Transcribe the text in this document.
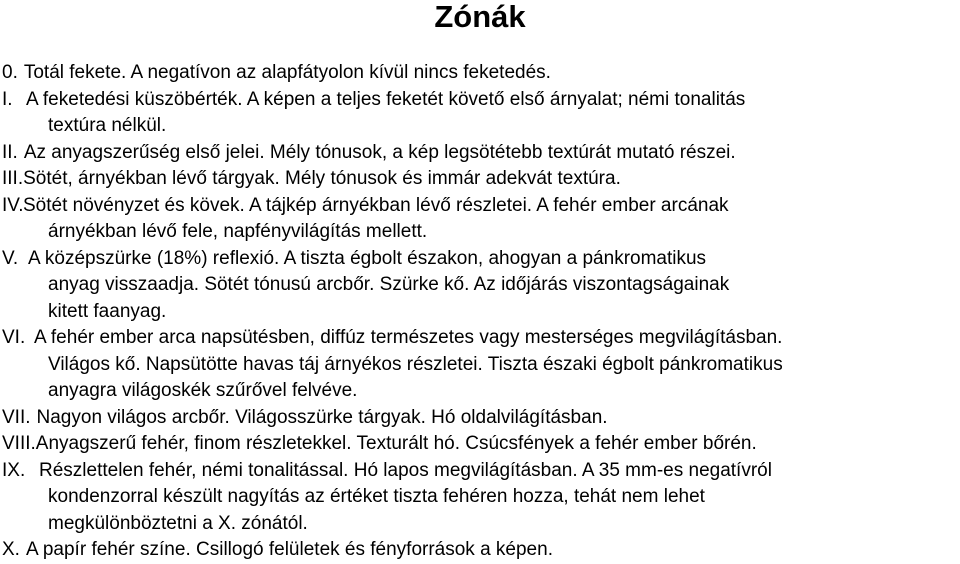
Zónák
0. Totál fekete. A negatívon az alapfátyolon kívül nincs feketedés.
I. A feketedési küszöbérték. A képen a teljes feketét követő első árnyalat; némi tonalitás
textúra nélkül.
II. Az anyagszerűség első jelei. Mély tónusok, a kép legsötétebb textúrát mutató részei.
III. Sötét, árnyékban lévő tárgyak. Mély tónusok és immár adekvát textúra.
IV. Sötét növényzet és kövek. A tájkép árnyékban lévő részletei. A fehér ember arcának
árnyékban lévő fele, napfényvilágítás mellett.
V. A középszürke (18%) reflexió. A tiszta égbolt északon, ahogyan a pánkromatikus
anyag visszaadja. Sötét tónusú arcbőr. Szürke kő. Az időjárás viszontagságainak
kitett faanyag.
VI. A fehér ember arca napsütésben, diffúz természetes vagy mesterséges megvilágításban.
Világos kő. Napsütötte havas táj árnyékos részletei. Tiszta északi égbolt pánkromatikus
anyagra világoskék szűrővel felvéve.
VII. Nagyon világos arcbőr. Világosszürke tárgyak. Hó oldalvilágításban.
VIII. Anyagszerű fehér, finom részletekkel. Texturált hó. Csúcsfények a fehér ember bőrén.
IX. Részlettelen fehér, némi tonalitással. Hó lapos megvilágításban. A 35 mm-es negatívról
kondenzorral készült nagyítás az értéket tiszta fehéren hozza, tehát nem lehet
megkülönböztetni a X. zónától.
X. A papír fehér színe. Csillogó felületek és fényforrások a képen.
